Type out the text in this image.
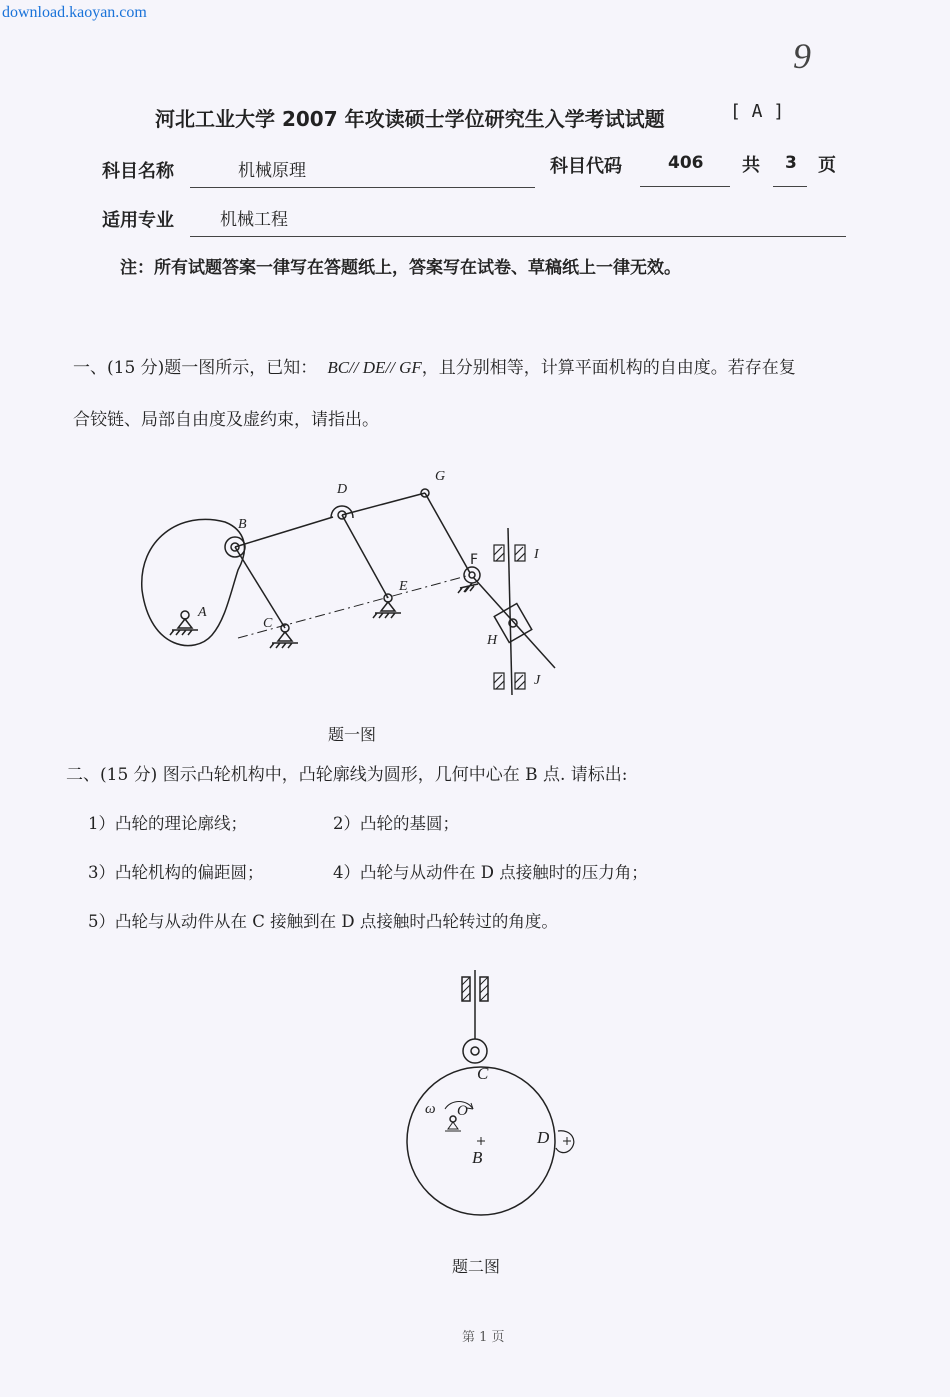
download.kaoyan.com
9
河北工业大学 2007 年攻读硕士学位研究生入学考试试题	[ A ]
科目名称	机械原理	科目代码	406 共 3 页
适用专业	机械工程
注：所有试题答案一律写在答题纸上，答案写在试卷、草稿纸上一律无效。
一、(15 分)题一图所示，已知： BC// DE// GF，且分别相等，计算平面机构的自由度。若存在复
合铰链、局部自由度及虚约束，请指出。
A
B
C
D
E
F
G
H
I
J
题一图
二、(15 分) 图示凸轮机构中，凸轮廓线为圆形，几何中心在 B 点. 请标出:
1）凸轮的理论廓线；	2）凸轮的基圆；
3）凸轮机构的偏距圆；	4）凸轮与从动件在 D 点接触时的压力角；
5）凸轮与从动件从在 C 接触到在 D 点接触时凸轮转过的角度。
ω O
B
C
D
题二图
第 1 页
